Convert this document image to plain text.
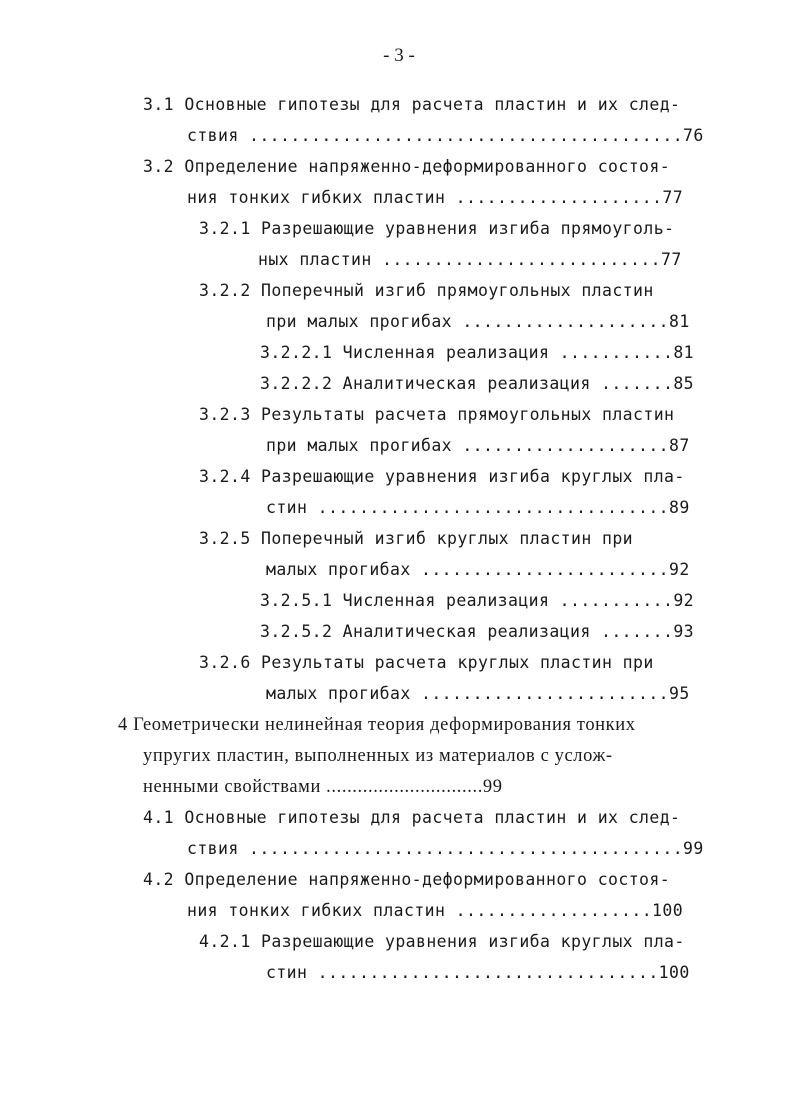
- 3 -
3.1 Основные гипотезы для расчета пластин и их след-
ствия ..........................................76
3.2 Определение напряженно-деформированного состоя-
ния тонких гибких пластин ....................77
3.2.1 Разрешающие уравнения изгиба прямоуголь-
ных пластин ...........................77
3.2.2 Поперечный изгиб прямоугольных пластин
при малых прогибах ....................81
3.2.2.1 Численная реализация ...........81
3.2.2.2 Аналитическая реализация .......85
3.2.3 Результаты расчета прямоугольных пластин
при малых прогибах ....................87
3.2.4 Разрешающие уравнения изгиба круглых пла-
стин ..................................89
3.2.5 Поперечный изгиб круглых пластин при
малых прогибах ........................92
3.2.5.1 Численная реализация ...........92
3.2.5.2 Аналитическая реализация .......93
3.2.6 Результаты расчета круглых пластин при
малых прогибах ........................95
4 Геометрически нелинейная теория деформирования тонких
упругих пластин, выполненных из материалов с услож-
ненными свойствами ..............................99
4.1 Основные гипотезы для расчета пластин и их след-
ствия ..........................................99
4.2 Определение напряженно-деформированного состоя-
ния тонких гибких пластин ...................100
4.2.1 Разрешающие уравнения изгиба круглых пла-
стин .................................100
